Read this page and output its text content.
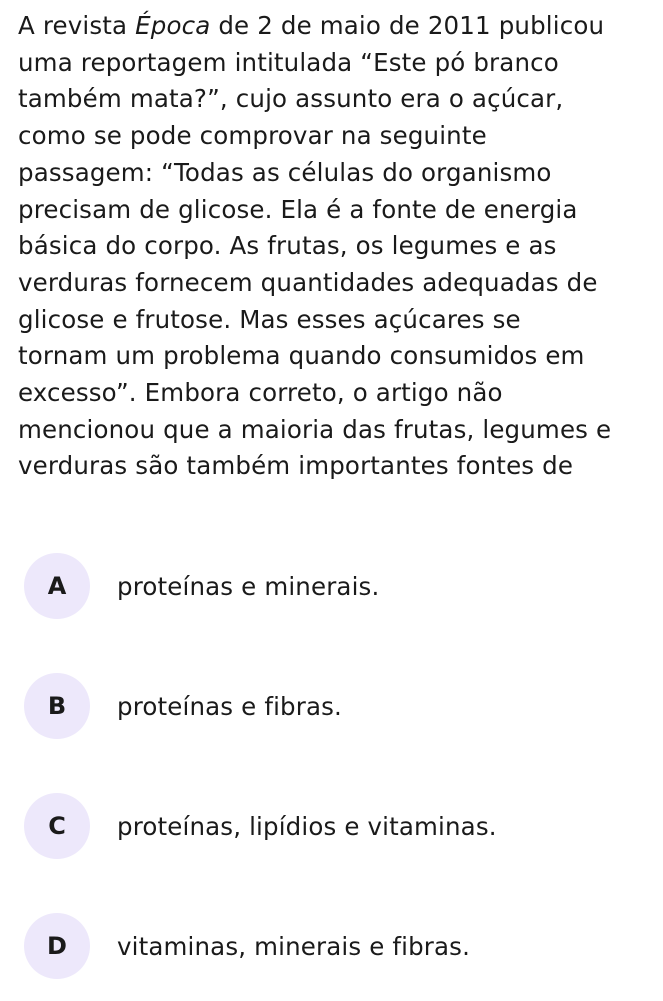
A revista Época de 2 de maio de 2011 publicou
uma reportagem intitulada “Este pó branco
também mata?”, cujo assunto era o açúcar,
como se pode comprovar na seguinte
passagem: “Todas as células do organismo
precisam de glicose. Ela é a fonte de energia
básica do corpo. As frutas, os legumes e as
verduras fornecem quantidades adequadas de
glicose e frutose. Mas esses açúcares se
tornam um problema quando consumidos em
excesso”. Embora correto, o artigo não
mencionou que a maioria das frutas, legumes e
verduras são também importantes fontes de
A	proteínas e minerais.
B	proteínas e fibras.
C	proteínas, lipídios e vitaminas.
D	vitaminas, minerais e fibras.
